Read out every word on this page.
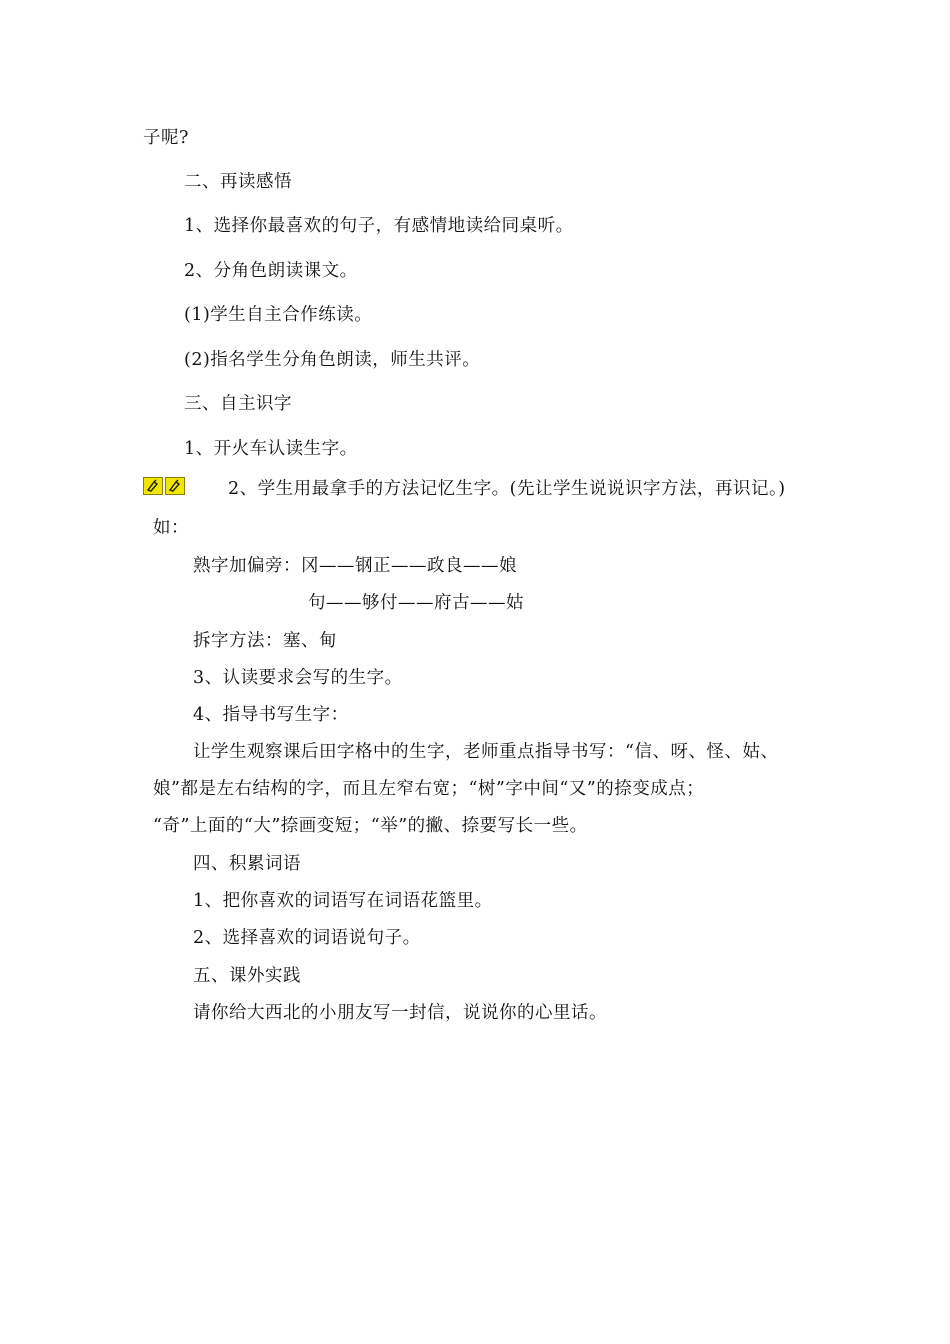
子呢?
二、再读感悟
1、选择你最喜欢的句子，有感情地读给同桌听。
2、分角色朗读课文。
(1)学生自主合作练读。
(2)指名学生分角色朗读，师生共评。
三、自主识字
1、开火车认读生字。
2、学生用最拿手的方法记忆生字。(先让学生说说识字方法，再识记。)
如：
熟字加偏旁：冈——钢正——政良——娘
句——够付——府古——姑
拆字方法：塞、甸
3、认读要求会写的生字。
4、指导书写生字：
让学生观察课后田字格中的生字，老师重点指导书写：“信、呀、怪、姑、
娘”都是左右结构的字，而且左窄右宽；“树”字中间“又”的捺变成点；
“奇”上面的“大”捺画变短；“举”的撇、捺要写长一些。
四、积累词语
1、把你喜欢的词语写在词语花篮里。
2、选择喜欢的词语说句子。
五、课外实践
请你给大西北的小朋友写一封信，说说你的心里话。
